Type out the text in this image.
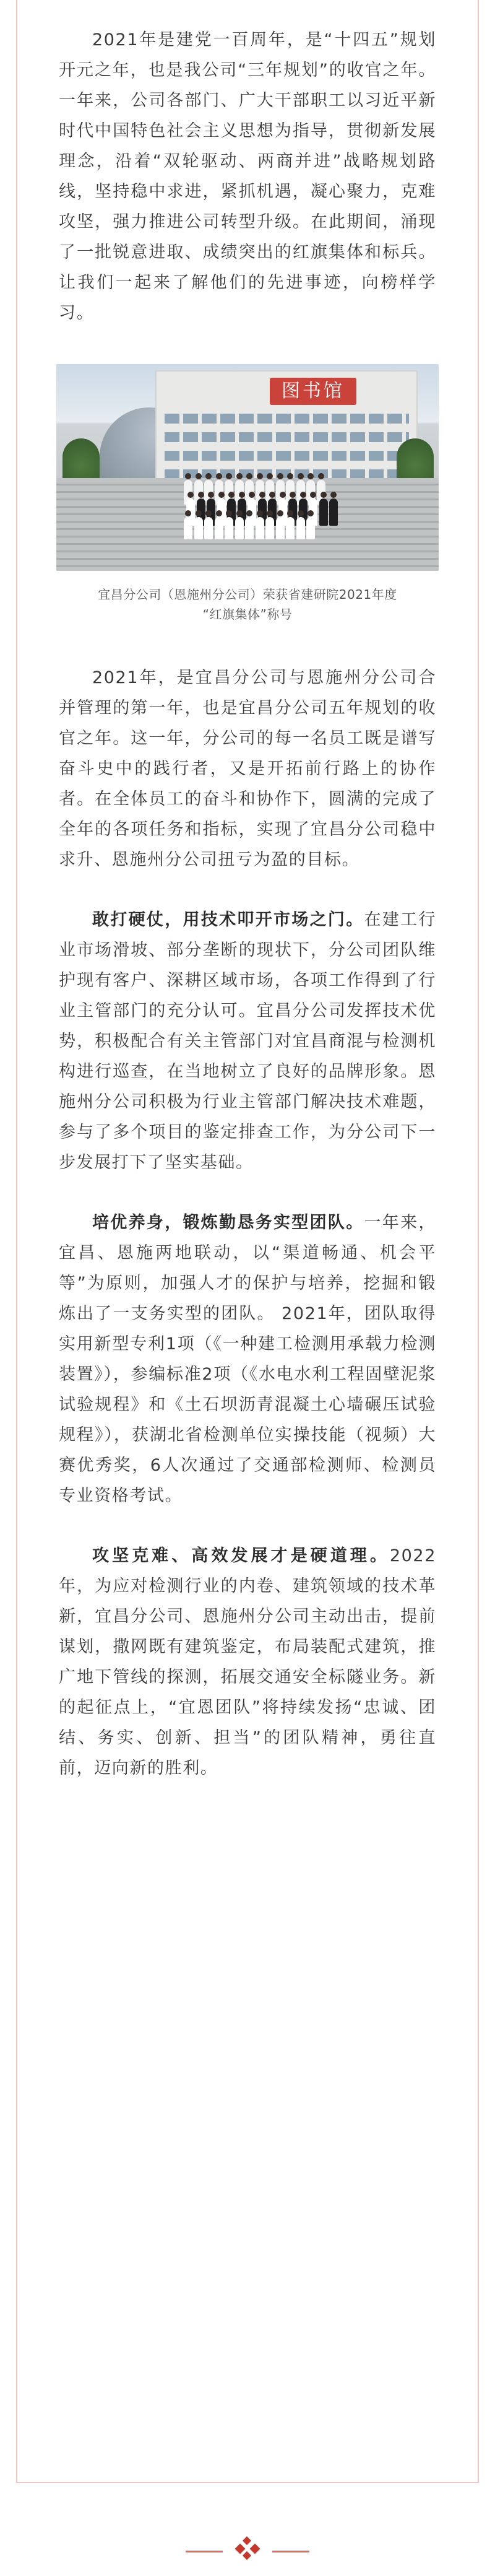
2021年是建党一百周年，是“十四五”规划开元之年，也是我公司“三年规划”的收官之年。一年来，公司各部门、广大干部职工以习近平新时代中国特色社会主义思想为指导，贯彻新发展理念，沿着“双轮驱动、两商并进”战略规划路线，坚持稳中求进，紧抓机遇，凝心聚力，克难攻坚，强力推进公司转型升级。在此期间，涌现了一批锐意进取、成绩突出的红旗集体和标兵。让我们一起来了解他们的先进事迹，向榜样学习。

图书馆

宜昌分公司（恩施州分公司）荣获省建研院2021年度
“红旗集体”称号

2021年，是宜昌分公司与恩施州分公司合并管理的第一年，也是宜昌分公司五年规划的收官之年。这一年，分公司的每一名员工既是谱写奋斗史中的践行者，又是开拓前行路上的协作者。在全体员工的奋斗和协作下，圆满的完成了全年的各项任务和指标，实现了宜昌分公司稳中求升、恩施州分公司扭亏为盈的目标。

敢打硬仗，用技术叩开市场之门。在建工行业市场滑坡、部分垄断的现状下，分公司团队维护现有客户、深耕区域市场，各项工作得到了行业主管部门的充分认可。宜昌分公司发挥技术优势，积极配合有关主管部门对宜昌商混与检测机构进行巡查，在当地树立了良好的品牌形象。恩施州分公司积极为行业主管部门解决技术难题，参与了多个项目的鉴定排查工作，为分公司下一步发展打下了坚实基础。

培优养身，锻炼勤恳务实型团队。一年来，宜昌、恩施两地联动，以“渠道畅通、机会平等”为原则，加强人才的保护与培养，挖掘和锻炼出了一支务实型的团队。 2021年，团队取得实用新型专利1项（《一种建工检测用承载力检测装置》），参编标准2项（《水电水利工程固壁泥浆试验规程》和《土石坝沥青混凝土心墙碾压试验规程》），获湖北省检测单位实操技能（视频）大赛优秀奖，6人次通过了交通部检测师、检测员专业资格考试。

攻坚克难、高效发展才是硬道理。2022年，为应对检测行业的内卷、建筑领域的技术革新，宜昌分公司、恩施州分公司主动出击，提前谋划，撒网既有建筑鉴定，布局装配式建筑，推广地下管线的探测，拓展交通安全标隧业务。新的起征点上，“宜恩团队”将持续发扬“忠诚、团结、务实、创新、担当”的团队精神，勇往直前，迈向新的胜利。
